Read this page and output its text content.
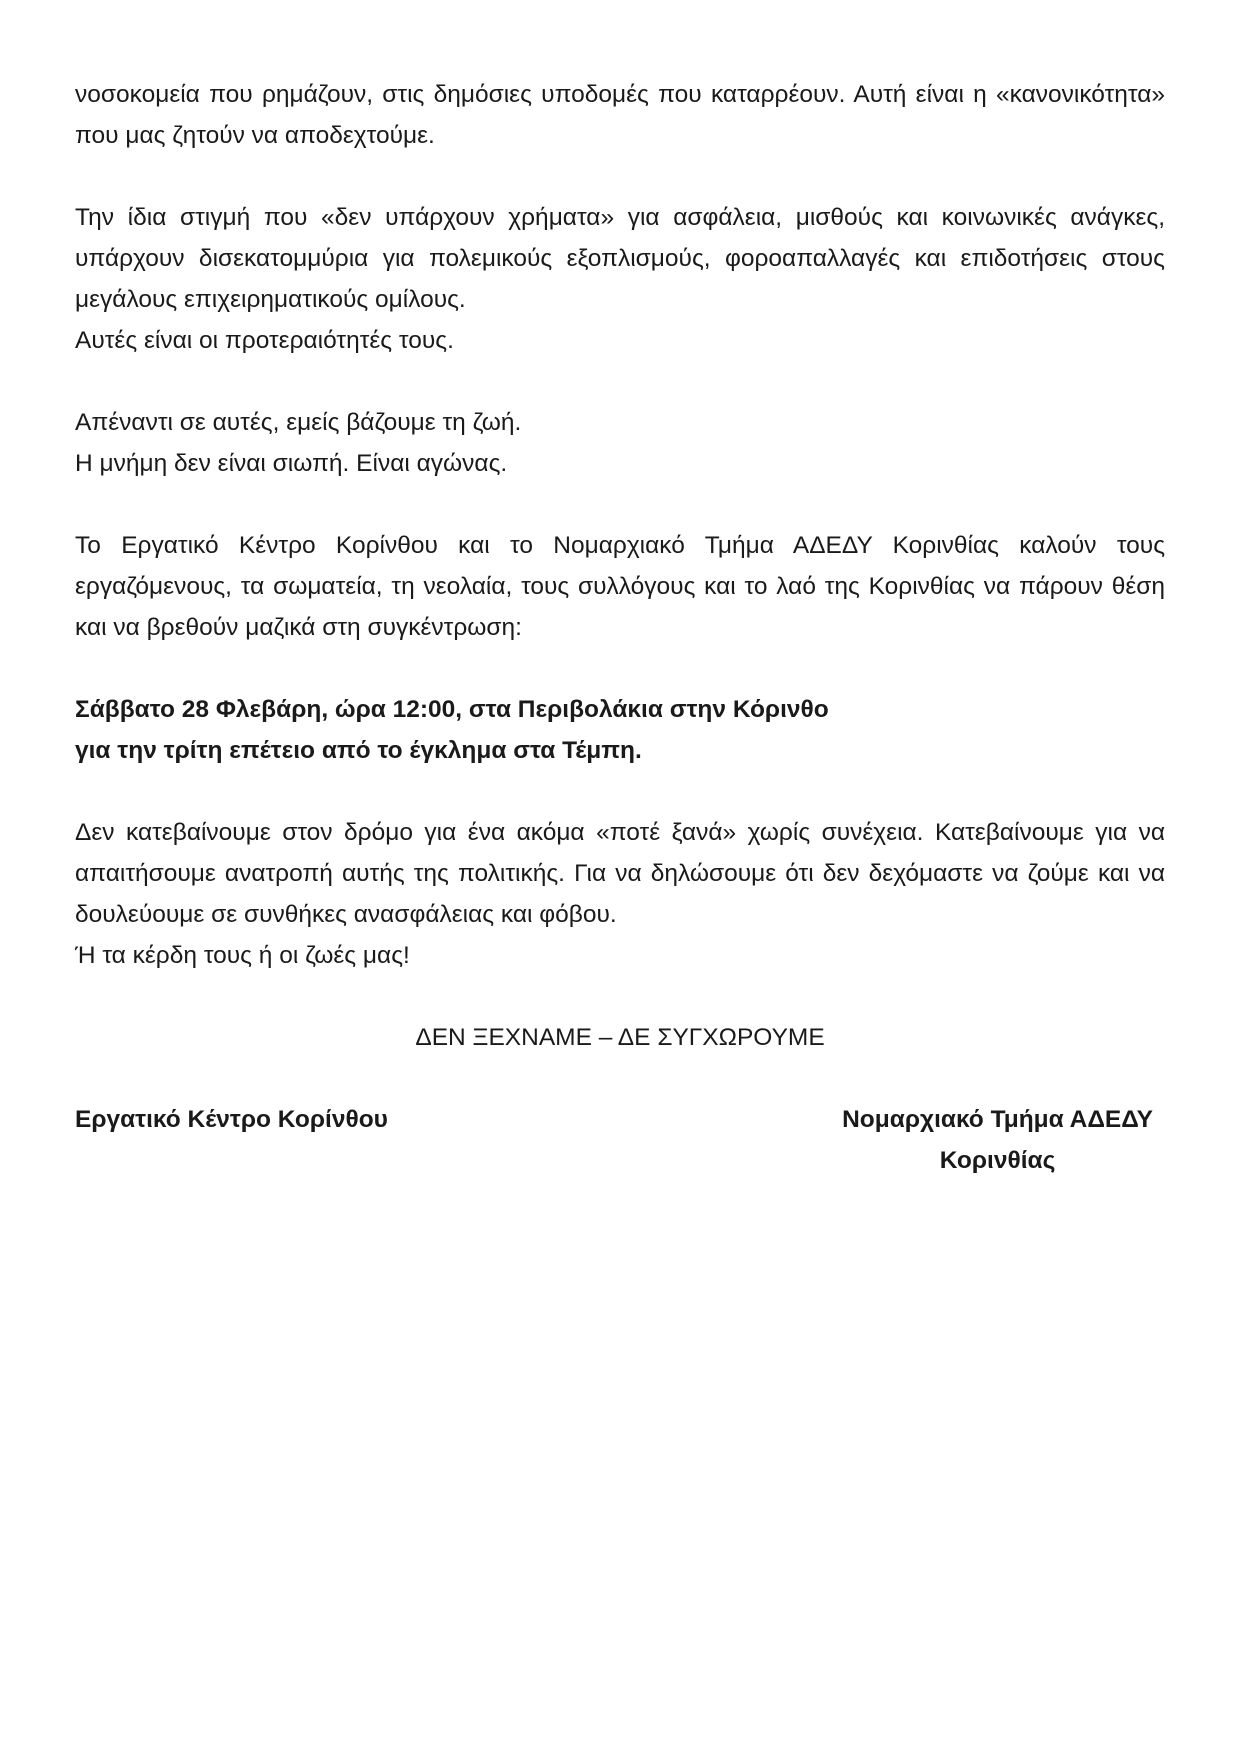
νοσοκομεία που ρημάζουν, στις δημόσιες υποδομές που καταρρέουν. Αυτή είναι η «κανονικότητα» που μας ζητούν να αποδεχτούμε.

Την ίδια στιγμή που «δεν υπάρχουν χρήματα» για ασφάλεια, μισθούς και κοινωνικές ανάγκες, υπάρχουν δισεκατομμύρια για πολεμικούς εξοπλισμούς, φοροαπαλλαγές και επιδοτήσεις στους μεγάλους επιχειρηματικούς ομίλους.
Αυτές είναι οι προτεραιότητές τους.

Απέναντι σε αυτές, εμείς βάζουμε τη ζωή.
Η μνήμη δεν είναι σιωπή. Είναι αγώνας.

Το Εργατικό Κέντρο Κορίνθου και το Νομαρχιακό Τμήμα ΑΔΕΔΥ Κορινθίας καλούν τους εργαζόμενους, τα σωματεία, τη νεολαία, τους συλλόγους και το λαό της Κορινθίας να πάρουν θέση και να βρεθούν μαζικά στη συγκέντρωση:

Σάββατο 28 Φλεβάρη, ώρα 12:00, στα Περιβολάκια στην Κόρινθο
για την τρίτη επέτειο από το έγκλημα στα Τέμπη.

Δεν κατεβαίνουμε στον δρόμο για ένα ακόμα «ποτέ ξανά» χωρίς συνέχεια. Κατεβαίνουμε για να απαιτήσουμε ανατροπή αυτής της πολιτικής. Για να δηλώσουμε ότι δεν δεχόμαστε να ζούμε και να δουλεύουμε σε συνθήκες ανασφάλειας και φόβου.
Ή τα κέρδη τους ή οι ζωές μας!

ΔΕΝ ΞΕΧΝΑΜΕ – ΔΕ ΣΥΓΧΩΡΟΥΜΕ

Εργατικό Κέντρο Κορίνθου	Νομαρχιακό Τμήμα ΑΔΕΔΥ
Κορινθίας
